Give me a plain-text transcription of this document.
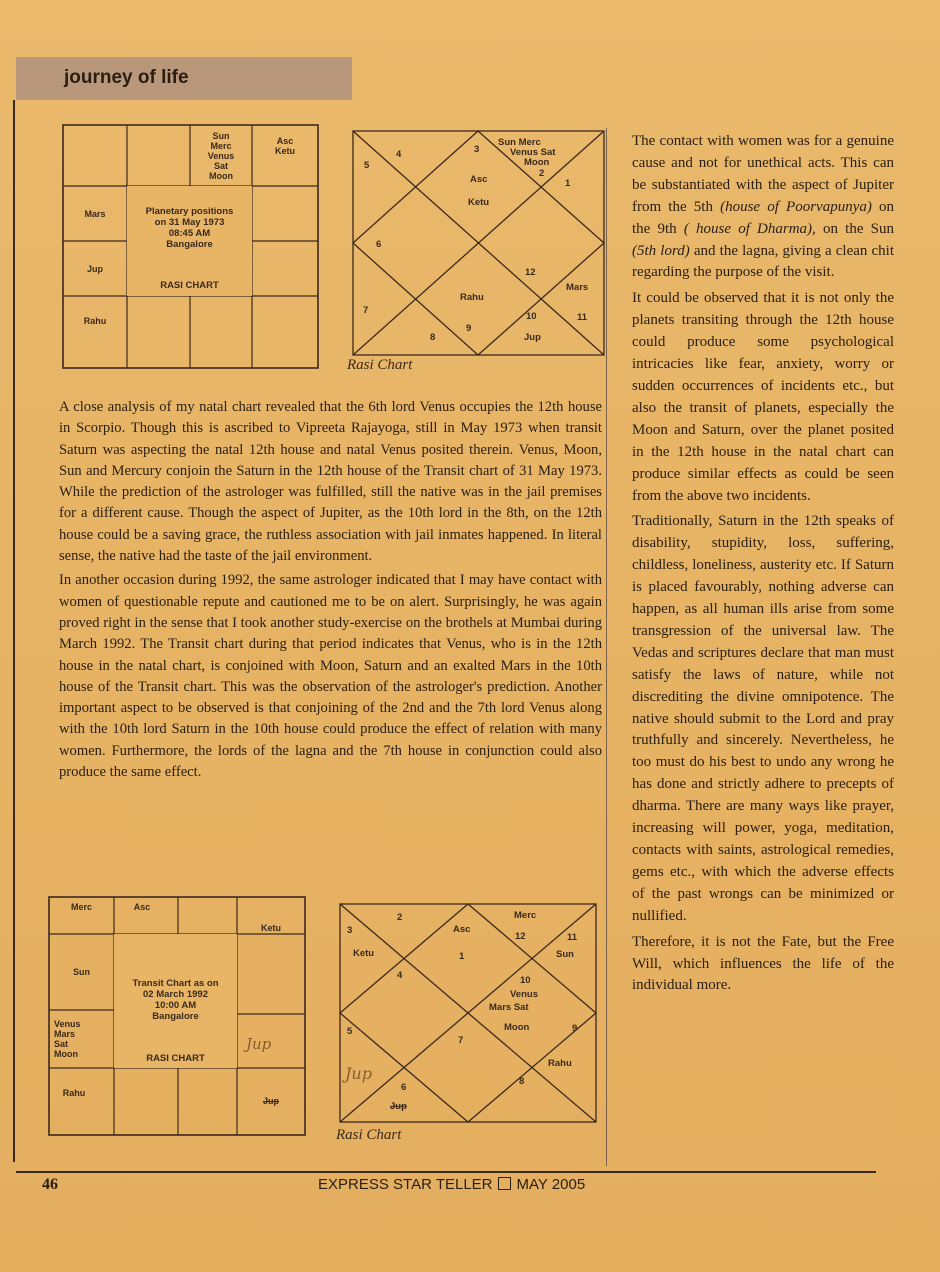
journey of life
Sun
Merc
Venus
Sat
Moon
Asc
Ketu
Mars
Jup
Rahu
Planetary positions
on 31 May 1973
08:45 AM
Bangalore
RASI CHART
3
4
5
Sun Merc
Venus Sat
Moon
2
1
Asc
Ketu
6
12
Mars
Rahu
7
10	11
9
Jup
8
Rasi Chart

A close analysis of my natal chart revealed that the 6th lord Venus occupies the 12th house in Scorpio. Though this is ascribed to Vipreeta Rajayoga, still in May 1973 when transit Saturn was aspecting the natal 12th house and natal Venus posited therein. Venus, Moon, Sun and Mercury conjoin the Saturn in the 12th house of the Transit chart of 31 May 1973. While the prediction of the astrologer was fulfilled, still the native was in the jail premises for a different cause. Though the aspect of Jupiter, as the 10th lord in the 8th, on the 12th house could be a saving grace, the ruthless association with jail inmates happened. In literal sense, the native had the taste of the jail environment.

In another occasion during 1992, the same astrologer indicated that I may have contact with women of questionable repute and cautioned me to be on alert. Surprisingly, he was again proved right in the sense that I took another study-exercise on the brothels at Mumbai during March 1992. The Transit chart during that period indicates that Venus, who is in the 12th house in the natal chart, is conjoined with Moon, Saturn and an exalted Mars in the 10th house of the Transit chart. This was the observation of the astrologer's prediction. Another important aspect to be observed is that conjoining of the 2nd and the 7th lord Venus along with the 10th lord Saturn in the 10th house could produce the effect of relation with many women. Furthermore, the lords of the lagna and the 7th house in conjunction could also produce the same effect.

The contact with women was for a genuine cause and not for unethical acts. This can be substantiated with the aspect of Jupiter from the 5th (house of Poorvapunya) on the 9th ( house of Dharma), on the Sun (5th lord) and the lagna, giving a clean chit regarding the purpose of the visit.

It could be observed that it is not only the planets transiting through the 12th house could produce some psychological intricacies like fear, anxiety, worry or sudden occurrences of incidents etc., but also the transit of planets, especially the Moon and Saturn, over the planet posited in the 12th house in the natal chart can produce similar effects as could be seen from the above two incidents.

Traditionally, Saturn in the 12th speaks of disability, stupidity, loss, suffering, childless, loneliness, austerity etc. If Saturn is placed favourably, nothing adverse can happen, as all human ills arise from some transgression of the universal law. The Vedas and scriptures declare that man must satisfy the laws of nature, while not discrediting the divine omnipotence. The native should submit to the Lord and pray truthfully and sincerely. Nevertheless, he too must do his best to undo any wrong he has done and strictly adhere to precepts of dharma. There are many ways like prayer, increasing will power, yoga, meditation, contacts with saints, astrological remedies, gems etc., with which the adverse effects of the past wrongs can be minimized or nullified.

Therefore, it is not the Fate, but the Free Will, which influences the life of the individual more.

Merc	Asc
Ketu
Sun
Venus
Mars
Sat
Moon
Rahu
Jup
Transit Chart as on
02 March 1992
10:00 AM
Bangalore
RASI CHART
Jup
2	Merc
3	Asc
12	11
Ketu	1	Sun
4	10
Venus
Mars Sat
5	Moon	9
7
Rahu
8
6
Jup
Jup
Rasi Chart
46	EXPRESS STAR TELLER MAY 2005
